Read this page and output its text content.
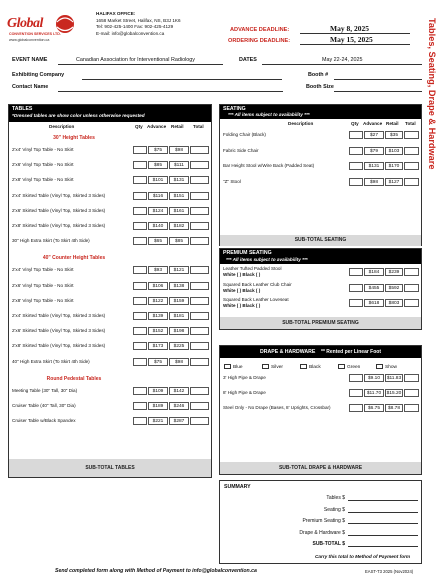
Global
CONVENTION SERVICES LTD.
www.globalconvention.ca
HALIFAX OFFICE:
1658 Market Street, Halifax, NS, B3J 1K6
Tel: 902-425-1400 Fax: 902-425-4129
E-mail: info@globalconvention.ca
ADVANCE DEADLINE:	May 8, 2025
ORDERING DEADLINE:	May 15, 2025	Tables, Seating, Drape & Hardware
EVENT NAME	Canadian Association for Interventional Radiology	DATES	May 22-24, 2025
Exhibiting Company	Booth #
Contact Name	Booth Size
TABLES
*Dressed tables are show color unless otherwise requested
Description	Qty Advance Retail Total
30" Height Tables
2'x4' Vinyl Top Table - No Skirt	$75	$98
2'x6' Vinyl Top Table - No Skirt	$85	$111
2'x8' Vinyl Top Table - No Skirt	$101	$131
2'x4' Skirted Table (Vinyl Top, Skirted 3 Sides)	$116	$151
2'x6' Skirted Table (Vinyl Top, Skirted 3 Sides)	$124	$161
2'x8' Skirted Table (Vinyl Top, Skirted 3 Sides)	$140	$182
30" High Extra Skirt (To Skirt 4th Side)	$65	$85
40" Counter Height Tables
2'x4' Vinyl Top Table - No Skirt	$93	$121
2'x6' Vinyl Top Table - No Skirt	$106	$138
2'x8' Vinyl Top Table - No Skirt	$122	$159
2'x4' Skirted Table (Vinyl Top, Skirted 3 Sides)	$139	$181
2'x6' Skirted Table (Vinyl Top, Skirted 3 Sides)	$152	$198
2'x8' Skirted Table (Vinyl Top, Skirted 3 Sides)	$173	$225
40" High Extra Skirt (To Skirt 4th Side)	$75	$98
Round Pedestal Tables
Meeting Table (30" Tall, 30" Dia)	$109	$142
Cruiser Table (40" Tall, 30" Dia)	$189	$246
Cruiser Table w/Black Spandex	$221	$287
SUB-TOTAL TABLES
SEATING
*** All items subject to availability ***
Description	Qty Advance Retail Total
Folding Chair (Black)	$27	$35
Fabric Side Chair	$79	$103
Bar Height Stool w/Wire Back (Padded Seat)	$131	$170
"Z" Stool	$98	$127
SUB-TOTAL SEATING
PREMIUM SEATING
*** All items subject to availability ***
Leather Tufted Padded Stool
White ( ) Black ( )	$184	$239
Squared Back Leather Club Chair
White ( ) Black ( )	$455	$592
Squared Back Leather Loveseat
White ( ) Black ( )	$618	$803
SUB-TOTAL PREMIUM SEATING
DRAPE & HARDWARE ** Rented per Linear Foot
Blue	Silver	Black	Green	Show
3' High Pipe & Drape	$9.10	$11.83
8' High Pipe & Drape	$11.70	$15.20
Steel Only - No Drape (Bases, 8' Uprights, Crossbar)	$6.75	$8.78
SUB-TOTAL DRAPE & HARDWARE
SUMMARY
Tables $
Seating $
Premium Seating $
Drape & Hardware $
SUB-TOTAL $
Carry this total to Method of Payment form
Send completed form along with Method of Payment to info@globalconvention.ca	EAST-T3 2025 (Nov2024)
